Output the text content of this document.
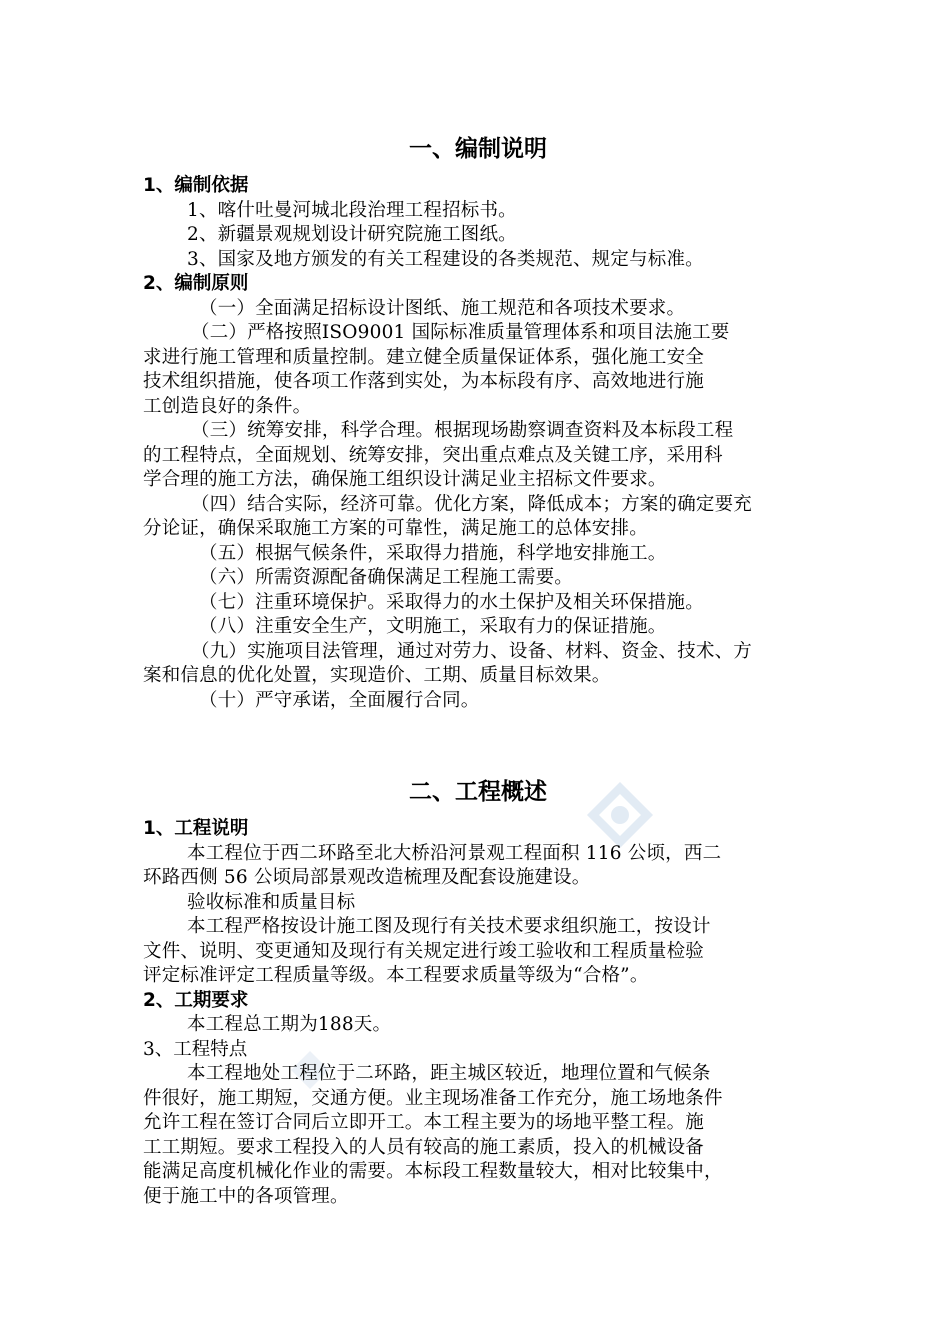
一、编制说明
1、编制依据

1、喀什吐曼河城北段治理工程招标书。

2、新疆景观规划设计研究院施工图纸。

3、国家及地方颁发的有关工程建设的各类规范、规定与标准。

2、编制原则

（一）全面满足招标设计图纸、施工规范和各项技术要求。

（二）严格按照ISO9001 国际标准质量管理体系和项目法施工要

求进行施工管理和质量控制。建立健全质量保证体系，强化施工安全

技术组织措施，使各项工作落到实处，为本标段有序、高效地进行施

工创造良好的条件。

（三）统筹安排，科学合理。根据现场勘察调查资料及本标段工程

的工程特点，全面规划、统筹安排，突出重点难点及关键工序，采用科

学合理的施工方法，确保施工组织设计满足业主招标文件要求。

（四）结合实际，经济可靠。优化方案，降低成本；方案的确定要充

分论证，确保采取施工方案的可靠性，满足施工的总体安排。

（五）根据气候条件，采取得力措施，科学地安排施工。

（六）所需资源配备确保满足工程施工需要。

（七）注重环境保护。采取得力的水土保护及相关环保措施。

（八）注重安全生产，文明施工，采取有力的保证措施。

（九）实施项目法管理，通过对劳力、设备、材料、资金、技术、方

案和信息的优化处置，实现造价、工期、质量目标效果。

（十）严守承诺，全面履行合同。

二、工程概述
1、工程说明

本工程位于西二环路至北大桥沿河景观工程面积 116 公顷，西二

环路西侧 56 公顷局部景观改造梳理及配套设施建设。

验收标准和质量目标

本工程严格按设计施工图及现行有关技术要求组织施工，按设计

文件、说明、变更通知及现行有关规定进行竣工验收和工程质量检验

评定标准评定工程质量等级。本工程要求质量等级为“合格”。

2、工期要求

本工程总工期为188天。

3、工程特点

本工程地处工程位于二环路，距主城区较近，地理位置和气候条

件很好，施工期短，交通方便。业主现场准备工作充分，施工场地条件

允许工程在签订合同后立即开工。本工程主要为的场地平整工程。施

工工期短。要求工程投入的人员有较高的施工素质，投入的机械设备

能满足高度机械化作业的需要。本标段工程数量较大，相对比较集中，

便于施工中的各项管理。
